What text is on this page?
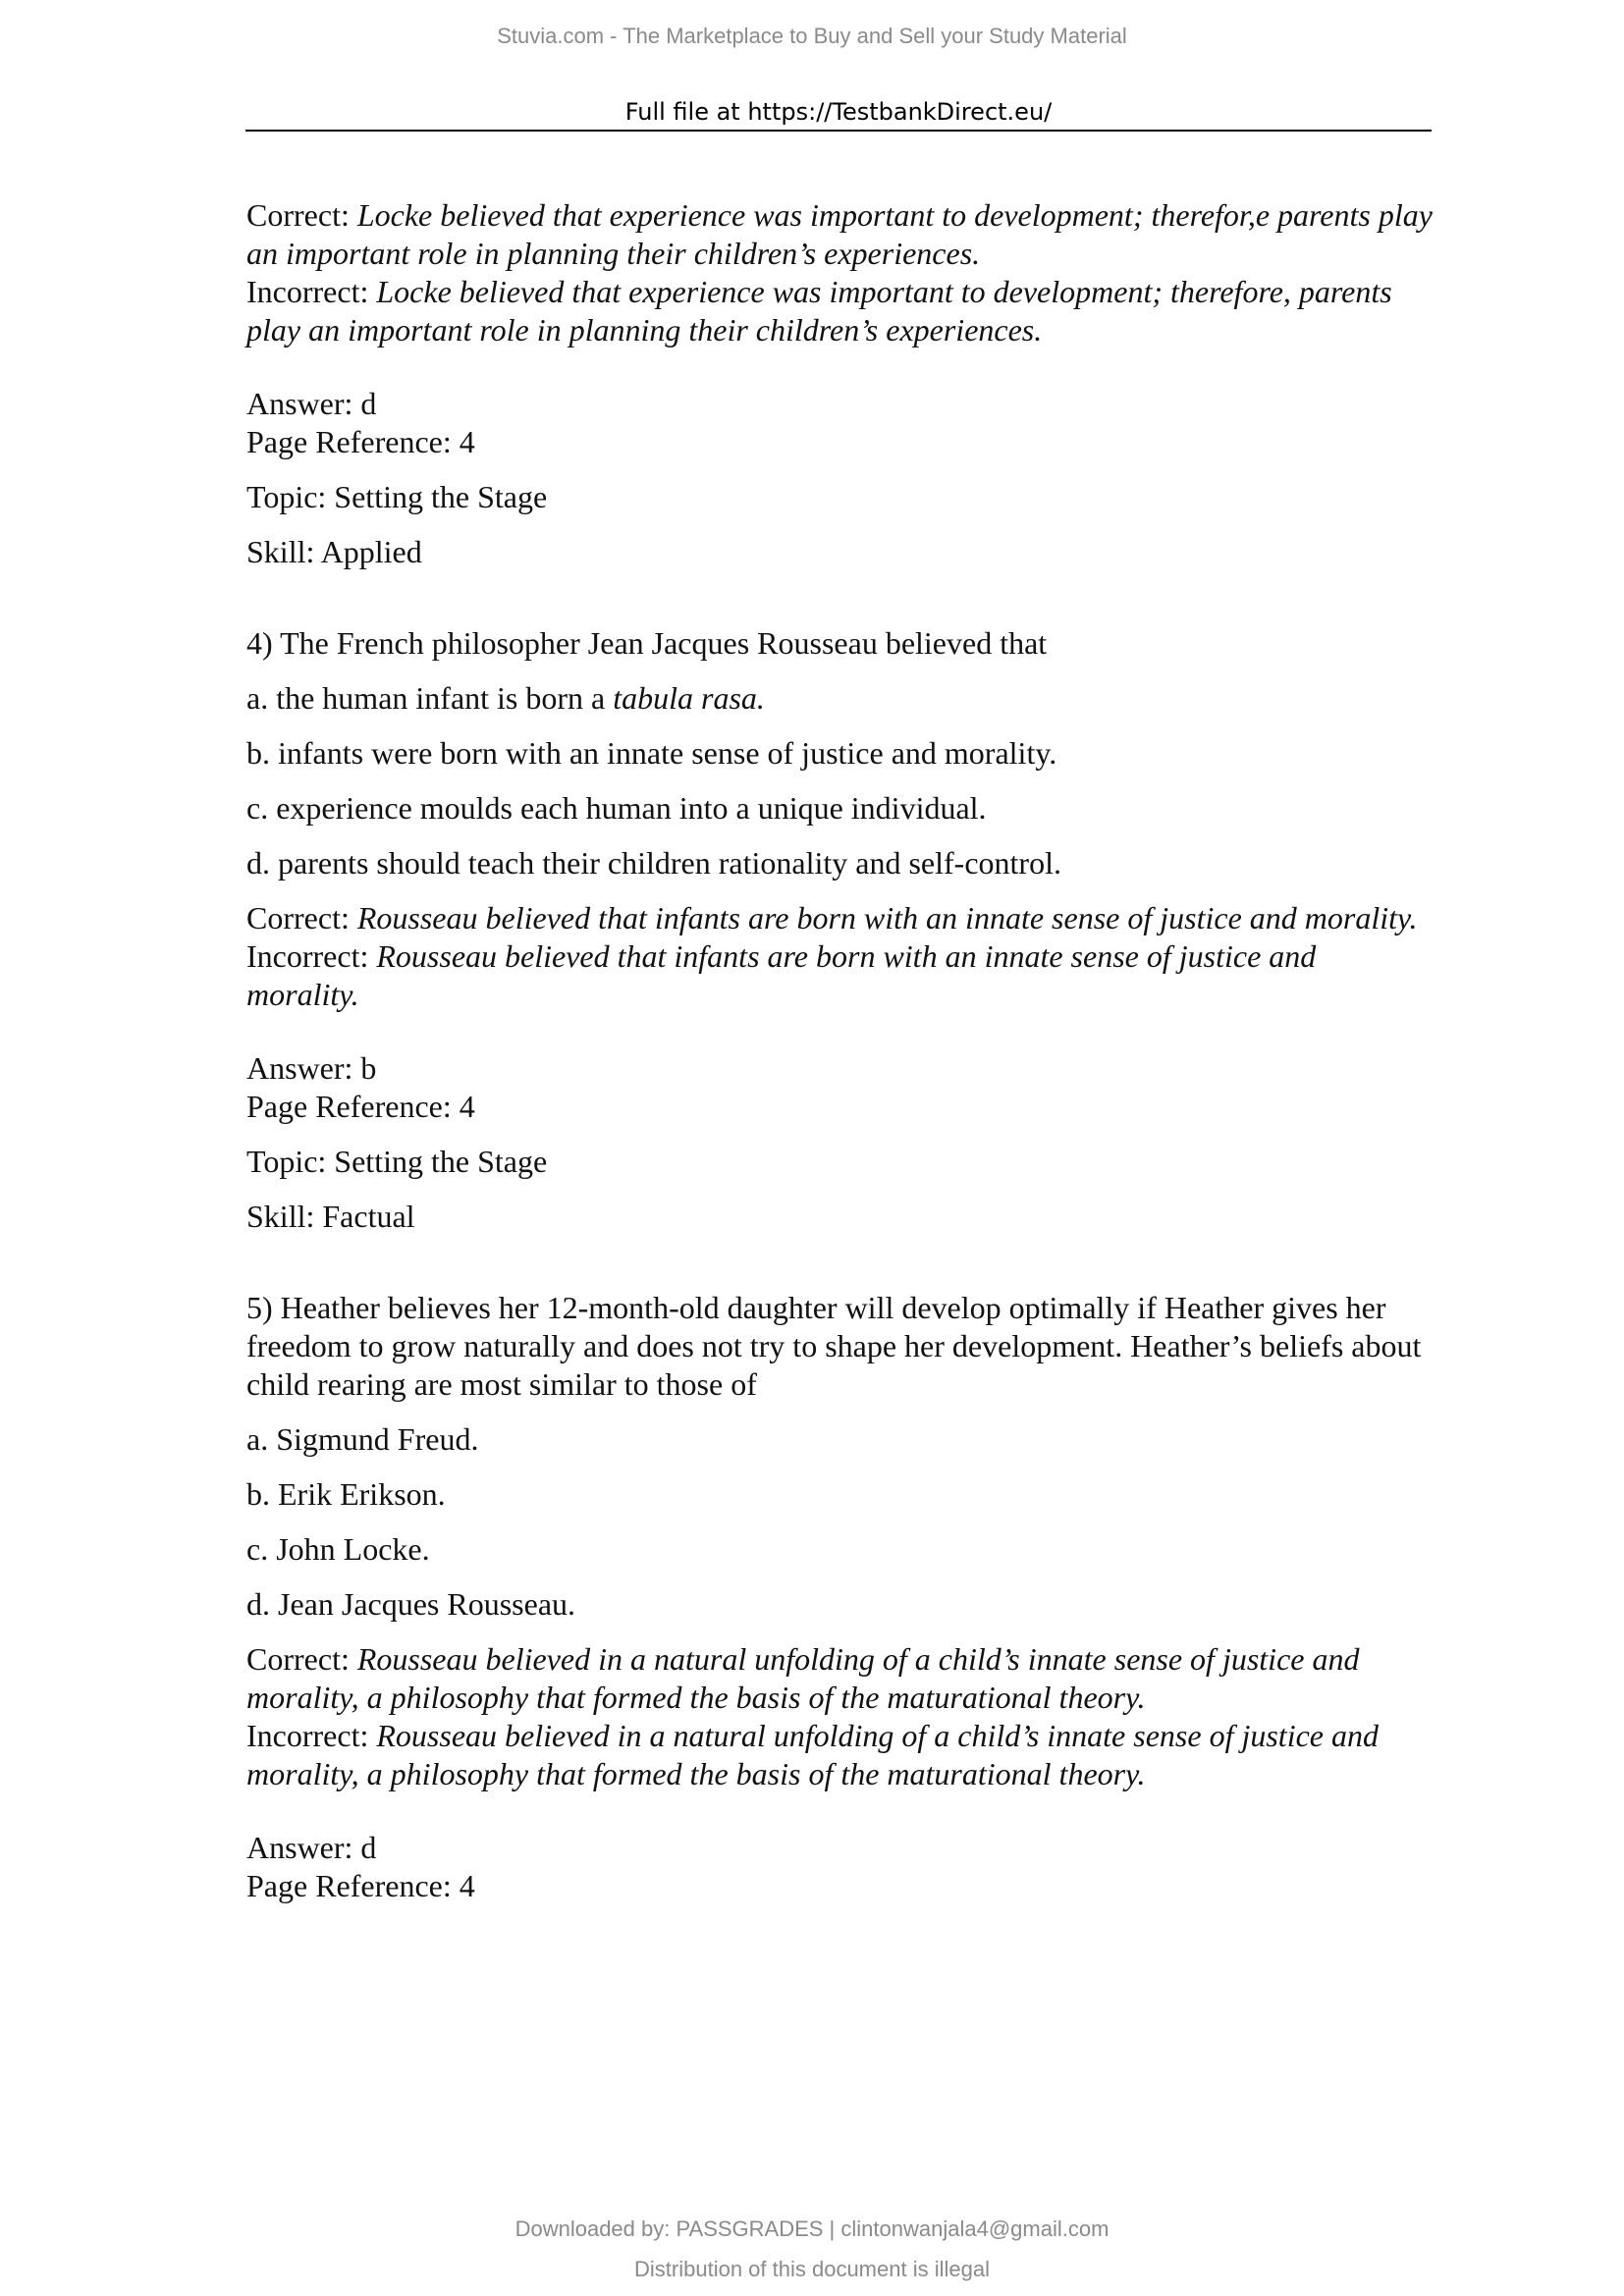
Stuvia.com - The Marketplace to Buy and Sell your Study Material
Full file at https://TestbankDirect.eu/

Correct: Locke believed that experience was important to development; therefor,e parents play an important role in planning their children’s experiences.

Incorrect: Locke believed that experience was important to development; therefore, parents play an important role in planning their children’s experiences.

Answer: d

Page Reference: 4

Topic: Setting the Stage

Skill: Applied

4) The French philosopher Jean Jacques Rousseau believed that

a. the human infant is born a tabula rasa.

b. infants were born with an innate sense of justice and morality.

c. experience moulds each human into a unique individual.

d. parents should teach their children rationality and self-control.

Correct: Rousseau believed that infants are born with an innate sense of justice and morality.

Incorrect: Rousseau believed that infants are born with an innate sense of justice and morality.

Answer: b

Page Reference: 4

Topic: Setting the Stage

Skill: Factual

5) Heather believes her 12-month-old daughter will develop optimally if Heather gives her freedom to grow naturally and does not try to shape her development. Heather’s beliefs about child rearing are most similar to those of

a. Sigmund Freud.

b. Erik Erikson.

c. John Locke.

d. Jean Jacques Rousseau.

Correct: Rousseau believed in a natural unfolding of a child’s innate sense of justice and morality, a philosophy that formed the basis of the maturational theory.

Incorrect: Rousseau believed in a natural unfolding of a child’s innate sense of justice and morality, a philosophy that formed the basis of the maturational theory.

Answer: d

Page Reference: 4

Downloaded by: PASSGRADES | clintonwanjala4@gmail.com
Distribution of this document is illegal
